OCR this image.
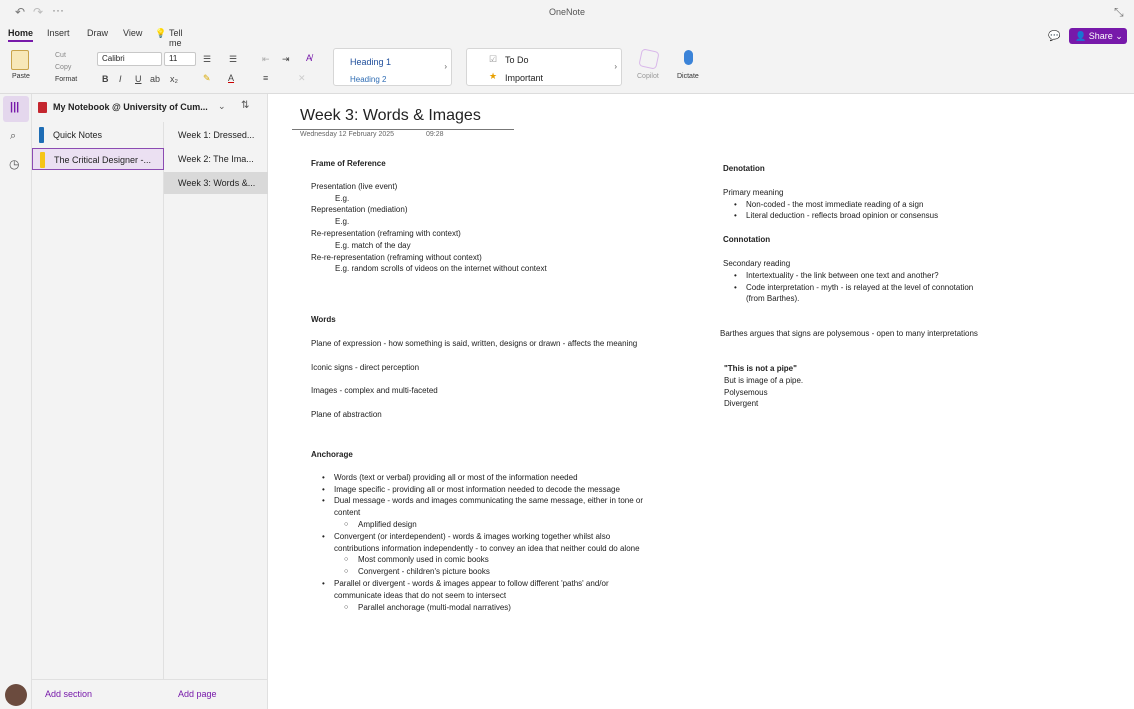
↶ ↷ ···	OneNote	⤡
Home Insert Draw View 💡 Tell me
💬	👤 Share ⌄
Paste
Cut
Copy
Format
Calibri	11
B I U ab x₂	✎ A
☰ ☰	⇤ ⇥
≡	✕
A̸	Heading 1
Heading 2
›
☑ To Do
★ Important
›
Copilot	Dictate
|||
⌕
◷
My Notebook @ University of Cum... ⌄ ⇅
Quick Notes
The Critical Designer -...
Week 1: Dressed...
Week 2: The Ima...
Week 3: Words &...
Add section	Add page
Week 3: Words & Images
Wednesday 12 February 2025	09:28
Frame of Reference
Presentation (live event)
E.g.
Representation (mediation)
E.g.
Re-representation (reframing with context)
E.g. match of the day
Re-re-representation (reframing without context)
E.g. random scrolls of videos on the internet without context
Words
Plane of expression - how something is said, written, designs or drawn - affects the meaning
Iconic signs - direct perception
Images - complex and multi-faceted
Plane of abstraction
Anchorage
• Words (text or verbal) providing all or most of the information needed
• Image specific - providing all or most information needed to decode the message
• Dual message - words and images communicating the same message, either in tone or
content
○ Amplified design
• Convergent (or interdependent) - words & images working together whilst also
contributions information independently - to convey an idea that neither could do alone
○ Most commonly used in comic books
○ Convergent - children's picture books
• Parallel or divergent - words & images appear to follow different 'paths' and/or
communicate ideas that do not seem to intersect
○ Parallel anchorage (multi-modal narratives)
Denotation
Primary meaning
• Non-coded - the most immediate reading of a sign
• Literal deduction - reflects broad opinion or consensus
Connotation
Secondary reading
• Intertextuality - the link between one text and another?
• Code interpretation - myth - is relayed at the level of connotation
(from Barthes).
Barthes argues that signs are polysemous - open to many interpretations
"This is not a pipe"
But is image of a pipe.
Polysemous
Divergent
